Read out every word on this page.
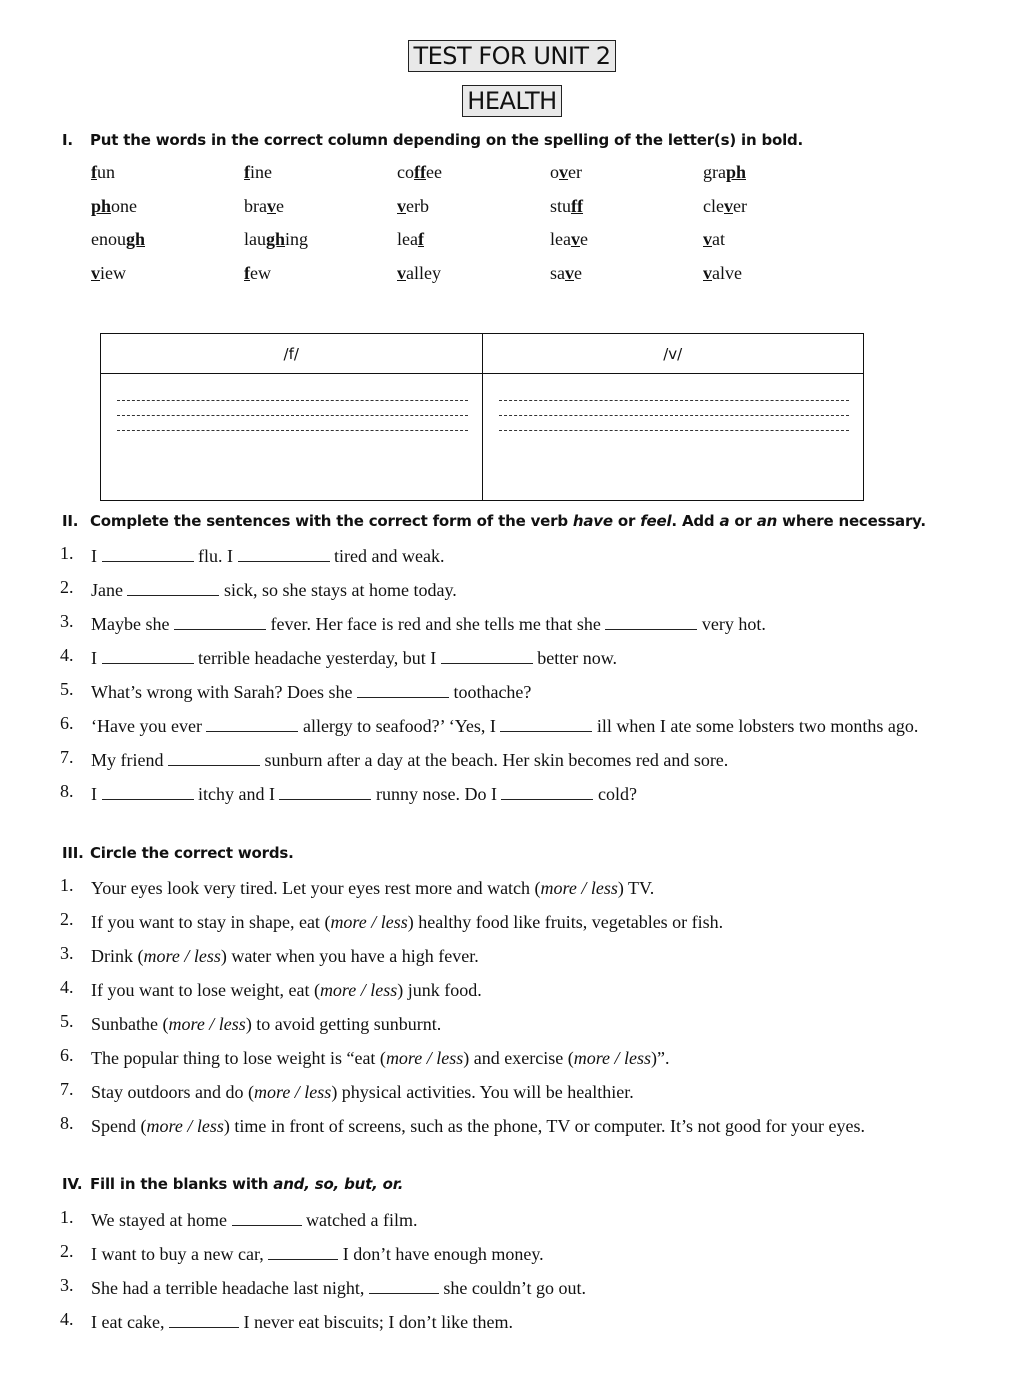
TEST FOR UNIT 2
HEALTH
I. Put the words in the correct column depending on the spelling of the letter(s) in bold.
fun	fine	coffee	over	graph
phone	brave	verb	stuff	clever
enough	laughing	leaf	leave	vat
view	few	valley	save	valve
/f/	/v/

II. Complete the sentences with the correct form of the verb have or feel. Add a or an where necessary.
1. I	flu. I	tired and weak.
2. Jane	sick, so she stays at home today.
3. Maybe she	fever. Her face is red and she tells me that she	very hot.
4. I	terrible headache yesterday, but I	better now.
5. What’s wrong with Sarah? Does she	toothache?
6. ‘Have you ever	allergy to seafood?’ ‘Yes, I	ill when I ate some lobsters two months ago.
7. My friend	sunburn after a day at the beach. Her skin becomes red and sore.
8. I	itchy and I	runny nose. Do I	cold?
III. Circle the correct words.
1. Your eyes look very tired. Let your eyes rest more and watch (more / less) TV.
2. If you want to stay in shape, eat (more / less) healthy food like fruits, vegetables or fish.
3. Drink (more / less) water when you have a high fever.
4. If you want to lose weight, eat (more / less) junk food.
5. Sunbathe (more / less) to avoid getting sunburnt.
6. The popular thing to lose weight is “eat (more / less) and exercise (more / less)”.
7. Stay outdoors and do (more / less) physical activities. You will be healthier.
8. Spend (more / less) time in front of screens, such as the phone, TV or computer. It’s not good for your eyes.
IV. Fill in the blanks with and, so, but, or.
1. We stayed at home	watched a film.
2. I want to buy a new car,	I don’t have enough money.
3. She had a terrible headache last night,	she couldn’t go out.
4. I eat cake,	I never eat biscuits; I don’t like them.
